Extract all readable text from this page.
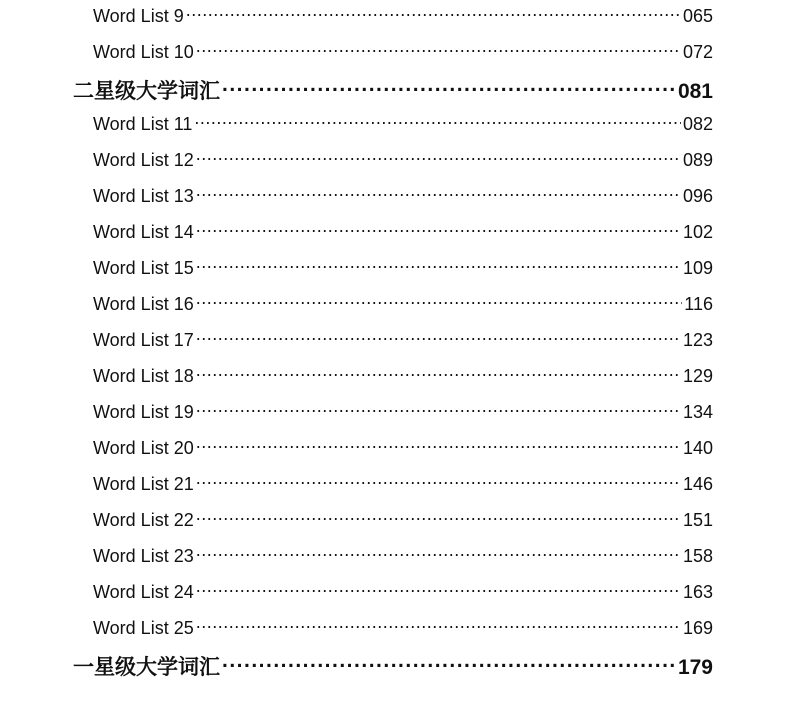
Word List 9 .....	065
Word List 10 .....	072
二星级大学词汇 .....	081
Word List 11 .....	082
Word List 12 .....	089
Word List 13 .....	096
Word List 14 .....	102
Word List 15 .....	109
Word List 16 .....	116
Word List 17 .....	123
Word List 18 .....	129
Word List 19 .....	134
Word List 20 .....	140
Word List 21 .....	146
Word List 22 .....	151
Word List 23 .....	158
Word List 24 .....	163
Word List 25 .....	169
一星级大学词汇 .....	179
